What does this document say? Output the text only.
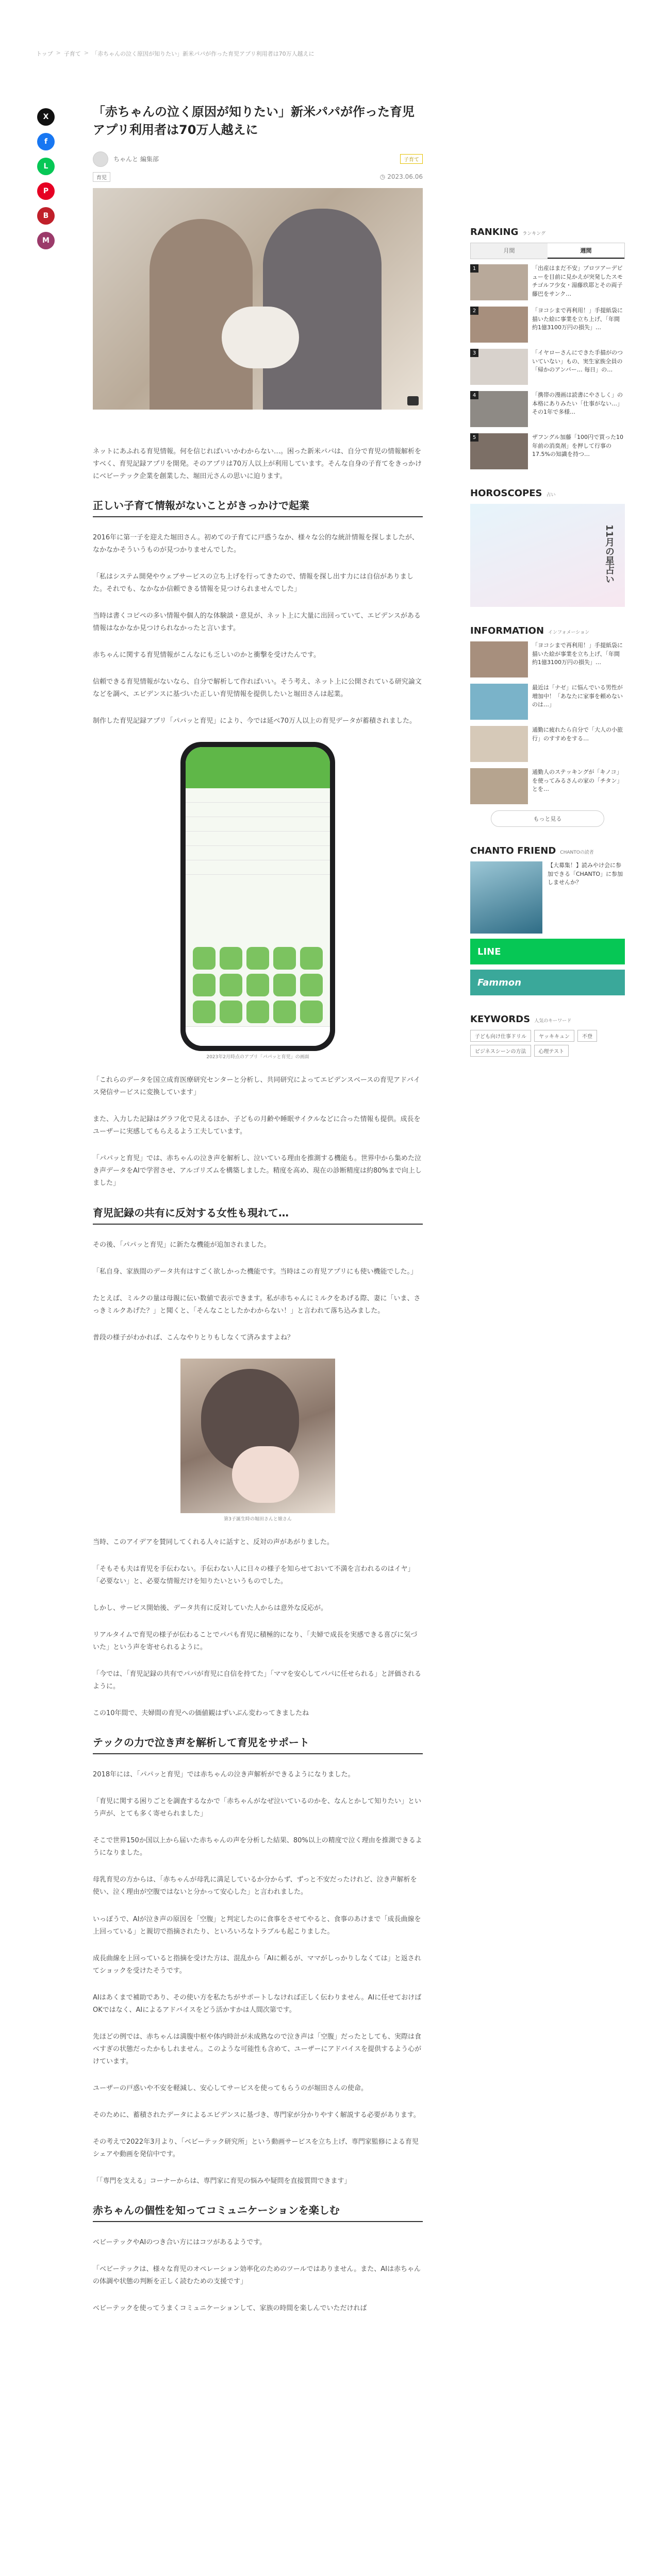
トップ > 子育て > 「赤ちゃんの泣く原因が知りたい」新米パパが作った育児アプリ利用者は70万人越えに
X
f
L
P
B
M
「赤ちゃんの泣く原因が知りたい」新米パパが作った育児アプリ利用者は70万人越えに
ちゃんと 編集部	子育て
育児	◷ 2023.06.06

ネットにあふれる育児情報。何を信じればいいかわからない…。困った新米パパは、自分で育児の情報解析をすべく、育児記録アプリを開発。そのアプリは70万人以上が利用しています。そんな自身の子育てをきっかけにベビーテック企業を創業した、堀田元さんの思いに迫ります。

正しい子育て情報がないことがきっかけで起業

2016年に第一子を迎えた堀田さん。初めての子育てに戸惑うなか、様々な公的な統計情報を探しましたが、なかなかそういうものが見つかりませんでした。

「私はシステム開発やウェブサービスの立ち上げを行ってきたので、情報を探し出す力には自信がありました。それでも、なかなか信頼できる情報を見つけられませんでした」

当時は書くコピペの多い情報や個人的な体験談・意見が、ネット上に大量に出回っていて、エビデンスがある情報はなかなか見つけられなかったと言います。

赤ちゃんに関する育児情報がこんなにも乏しいのかと衝撃を受けたんです。

信頼できる育児情報がないなら、自分で解析して作ればいい。そう考え、ネット上に公開されている研究論文などを調べ、エビデンスに基づいた正しい育児情報を提供したいと堀田さんは起業。

制作した育児記録アプリ「パパッと育児」により、今では延べ70万人以上の育児データが蓄積されました。

2023年2月時点のアプリ「パパッと育児」の画面

「これらのデータを国立成育医療研究センターと分析し、共同研究によってエビデンスベースの育児アドバイス発信サービスに変換しています」

また、入力した記録はグラフ化で見えるほか、子どもの月齢や睡眠サイクルなどに合った情報も提供。成長をユーザーに実感してもらえるよう工夫しています。

「パパッと育児」では、赤ちゃんの泣き声を解析し、泣いている理由を推測する機能も。世界中から集めた泣き声データをAIで学習させ、アルゴリズムを構築しました。精度を高め、現在の診断精度は約80%まで向上しました」

育児記録の共有に反対する女性も現れて…

その後、「パパッと育児」に新たな機能が追加されました。

「私自身、家族間のデータ共有はすごく欲しかった機能です。当時はこの育児アプリにも使い機能でした。」

たとえば、ミルクの量は母親に伝い数値で表示できます。私が赤ちゃんにミルクをあげる際、妻に「いま、さっきミルクあげた？」と聞くと、「そんなことしたかわからない！」と言われて落ち込みました。

普段の様子がわかれば、こんなやりとりもしなくて済みますよね？

第3子誕生時の堀田さんと娘さん

当時、このアイデアを賛同してくれる人々に話すと、反対の声があがりました。

「そもそも夫は育児を手伝わない。手伝わない人に日々の様子を知らせておいて不満を言われるのはイヤ」「必要ない」と、必要な情報だけを知りたいというものでした。

しかし、サービス開始後、データ共有に反対していた人からは意外な反応が。

リアルタイムで育児の様子が伝わることでパパも育児に積極的になり、「夫婦で成長を実感できる喜びに気づいた」という声を寄せられるように。

「今では、「育児記録の共有でパパが育児に自信を持てた」「ママを安心してパパに任せられる」と評価されるように。

この10年間で、夫婦間の育児への価値観はずいぶん変わってきましたね

テックの力で泣き声を解析して育児をサポート

2018年には、「パパッと育児」では赤ちゃんの泣き声解析ができるようになりました。

「育児に関する困りごとを調査するなかで「赤ちゃんがなぜ泣いているのかを、なんとかして知りたい」という声が、とても多く寄せられました」

そこで世界150か国以上から届いた赤ちゃんの声を分析した結果、80%以上の精度で泣く理由を推測できるようになりました。

母乳育児の方からは、「赤ちゃんが母乳に満足しているか分からず、ずっと不安だったけれど、泣き声解析を使い、泣く理由が空腹ではないと分かって安心した」と言われました。

いっぽうで、AIが泣き声の原因を「空腹」と判定したのに食事をさせてやると、食事のあけまで「成長曲線を上回っている」と親切で指摘されたり、といろいろなトラブルも起こりました。

成長曲線を上回っていると指摘を受けた方は、混乱から「AIに頼るが、ママがしっかりしなくては」と返されてショックを受けたそうです。

AIはあくまで補助であり、その使い方を私たちがサポートしなければ正しく伝わりません。AIに任せておけばOKではなく、AIによるアドバイスをどう活かすかは人間次第です。

先ほどの例では、赤ちゃんは満腹中枢や体内時計が未成熟なので泣き声は「空腹」だったとしても、実際は食べすぎの状態だったかもしれません。このような可能性も含めて、ユーザーにアドバイスを提供するよう心がけています。

ユーザーの戸惑いや不安を軽減し、安心してサービスを使ってもらうのが堀田さんの使命。

そのために、蓄積されたデータによるエビデンスに基づき、専門家が分かりやすく解説する必要があります。

その考えで2022年3月より、「ベビーテック研究所」という動画サービスを立ち上げ、専門家監修による育児シェアや動画を発信中です。

「「専門を支える」コーナーからは、専門家に育児の悩みや疑問を直接質問できます」

赤ちゃんの個性を知ってコミュニケーションを楽しむ

ベビーテックやAIのつき合い方にはコツがあるようです。

「ベビーテックは、様々な育児のオペレーション効率化のためのツールではありません。また、AIは赤ちゃんの体調や状態の判断を正しく読むための支援です」

ベビーテックを使ってうまくコミュニケーションして、家族の時間を楽しんでいただければ

RANKING ランキング
月間	週間
1	「出産はまだ不安」プロツアーデビューを目前に見かえが突発したスモチゴルフ少女・湯藤玖耶とその両子藤巴をサンク…
2	「ヨコシまで再利用！」手提紙袋に描いた絵に事業を立ち上げ、「年間約1億3100万円の損失」…
3	「イヤローさんにできた手描がのついていない」もの、実生家族全員の「帰かのアンバー… 毎日」の…
4	「携帯の漫画は読書にやさしく」の本格にありみたい「仕事がない…」その1年で多様…
5	ザフングル加藤「100円で買った10年前の消臭剤」を押して行事の17.5%の知識を持つ…
HOROSCOPES 占い
11月の星占い
INFORMATION インフォメーション
「ヨコシまで再利用！」手提紙袋に描いた絵が事業を立ち上げ、「年間約1億3100万円の損失」…
最近は「ナゼ」に悩んでいる男性が増加中！「あなたに家事を頼めないのは…」
通勤に疲れたら自分で「大人の小旅行」のすすめをする…
通勤人のステッキングが「キノコ」を使ってみるさんの家の「チタン」とを…
もっと見る
CHANTO FRIEND CHANTOの読者
【大募集！】読みやけ会に参加できる「CHANTO」に参加しませんか？
LINE
Fammon
KEYWORDS 人気のキーワード
子ども向け仕事ドリル	ヤッキキュン	不登
ビジネスシーンの方法	心理テスト
